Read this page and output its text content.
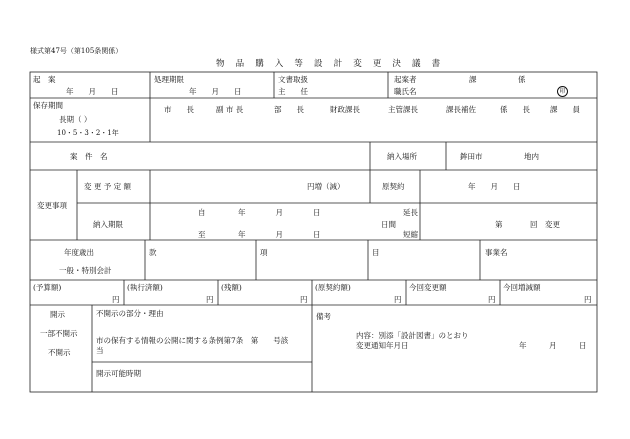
様式第47号（第105条関係）
物 品 購 入 等 設 計 変 更 決 議 書
起　案
年　　月　　日
処理期限
年　　月　　日
文書取扱
主　　任
起案者	課	係
職氏名	印
保存期間
長期（ ）
10・5・3・2・1年
市　　長	副 市 長	部　　長	財政課長	主管課長	課長補佐	係　　長	課　　員
案　件　名	納入場所	鉾田市	地内
変更事項
変 更 予 定 額	円増（減）	原契約	年　　月　　日
納入期限
自	年　　　　月　　　　日
至	年　　　　月　　　　日
日間
延長
短縮
第	回　変更
年度歳出
一般・特別会計
款	項	目	事業名
(予算額)
円
(執行済額)
円
(残額)
円
(原契約額)
円
今回変更額
円
今回増減額
円
開示
一部不開示
不開示
不開示の部分・理由
市の保有する情報の公開に関する条例第7条　第　　号該
当
開示可能時期
備考
内容：別添「設計図書」のとおり
変更通知年月日	年　　　月　　　日
